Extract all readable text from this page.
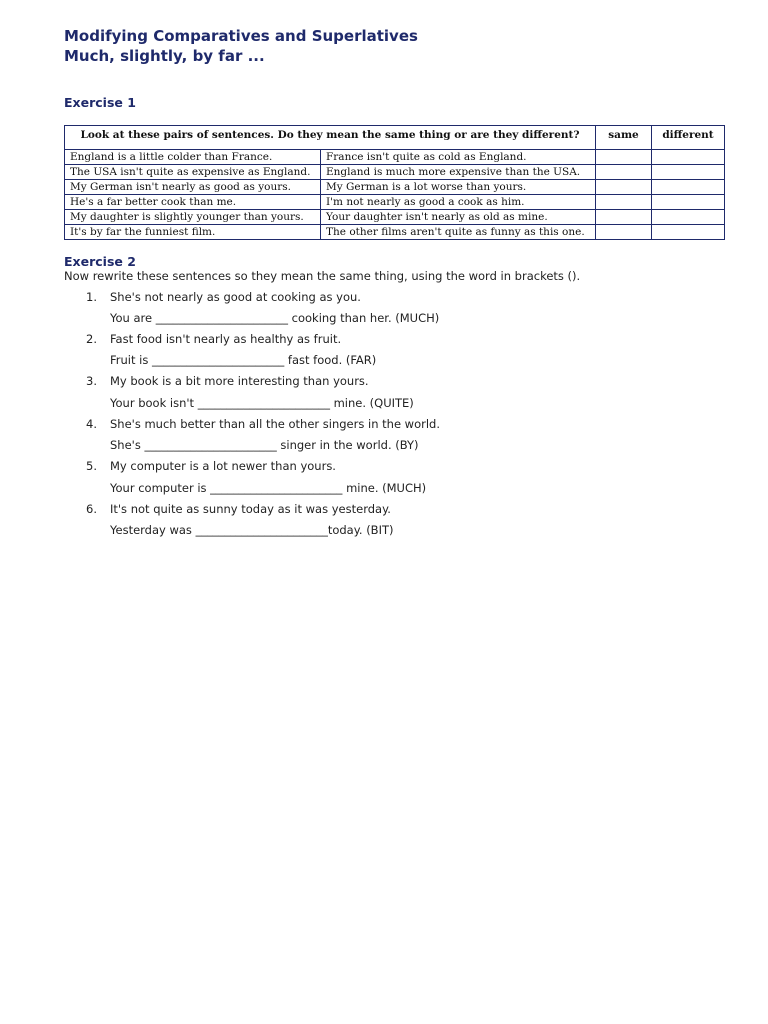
Modifying Comparatives and Superlatives
Much, slightly, by far ...
Exercise 1
Look at these pairs of sentences. Do they mean the same thing or are they different?		same	different
England is a little colder than France.	France isn't quite as cold as England.		
The USA isn't quite as expensive as England.	England is much more expensive than the USA.		
My German isn't nearly as good as yours.	My German is a lot worse than yours.		
He's a far better cook than me.	I'm not nearly as good a cook as him.		
My daughter is slightly younger than yours.	Your daughter isn't nearly as old as mine.		
It's by far the funniest film.	The other films aren't quite as funny as this one.		
Exercise 2
Now rewrite these sentences so they mean the same thing, using the word in brackets ().
1. She's not nearly as good at cooking as you.
You are _______________________ cooking than her. (MUCH)
2. Fast food isn't nearly as healthy as fruit.
Fruit is _______________________ fast food. (FAR)
3. My book is a bit more interesting than yours.
Your book isn't _______________________ mine. (QUITE)
4. She's much better than all the other singers in the world.
She's _______________________ singer in the world. (BY)
5. My computer is a lot newer than yours.
Your computer is _______________________ mine. (MUCH)
6. It's not quite as sunny today as it was yesterday.
Yesterday was _______________________today. (BIT)
